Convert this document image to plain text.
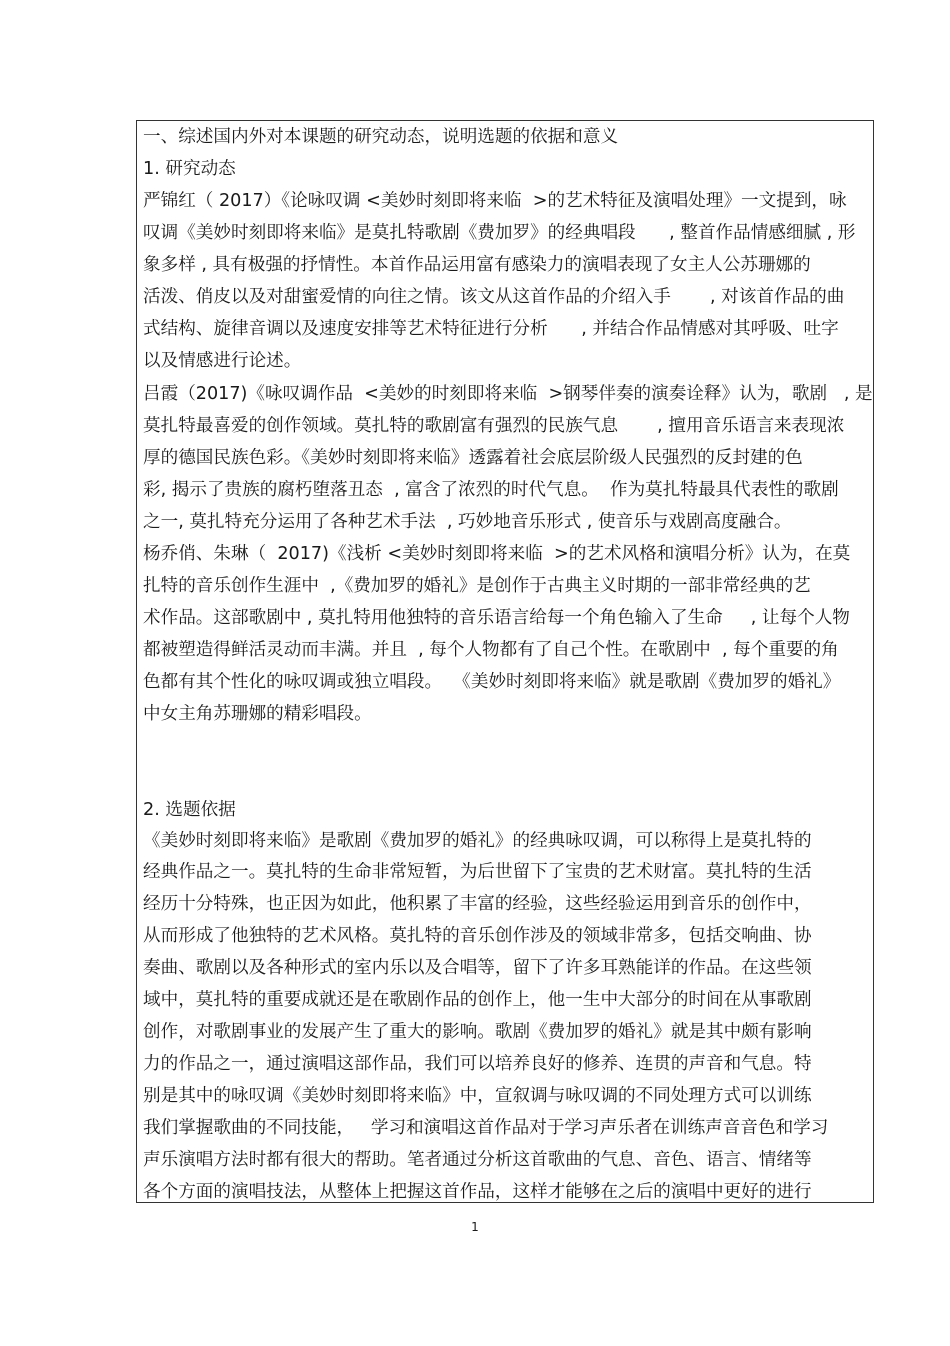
一、综述国内外对本课题的研究动态，说明选题的依据和意义
1. 研究动态
严锦红（ 2017）《论咏叹调 <美妙时刻即将来临  >的艺术特征及演唱处理》一文提到，咏
叹调《美妙时刻即将来临》是莫扎特歌剧《费加罗》的经典唱段      , 整首作品情感细腻 , 形
象多样 , 具有极强的抒情性。本首作品运用富有感染力的演唱表现了女主人公苏珊娜的
活泼、俏皮以及对甜蜜爱情的向往之情。该文从这首作品的介绍入手       , 对该首作品的曲
式结构、旋律音调以及速度安排等艺术特征进行分析      , 并结合作品情感对其呼吸、吐字
以及情感进行论述。
吕霞（2017)《咏叹调作品  <美妙的时刻即将来临  >钢琴伴奏的演奏诠释》认为，歌剧   , 是
莫扎特最喜爱的创作领域。莫扎特的歌剧富有强烈的民族气息       , 擅用音乐语言来表现浓
厚的德国民族色彩。《美妙时刻即将来临》透露着社会底层阶级人民强烈的反封建的色
彩, 揭示了贵族的腐朽堕落丑态  , 富含了浓烈的时代气息。  作为莫扎特最具代表性的歌剧
之一, 莫扎特充分运用了各种艺术手法  , 巧妙地音乐形式 , 使音乐与戏剧高度融合。
杨乔俏、朱琳（  2017)《浅析 <美妙时刻即将来临  >的艺术风格和演唱分析》认为，在莫
扎特的音乐创作生涯中  ,《费加罗的婚礼》是创作于古典主义时期的一部非常经典的艺
术作品。这部歌剧中 , 莫扎特用他独特的音乐语言给每一个角色输入了生命     , 让每个人物
都被塑造得鲜活灵动而丰满。并且  , 每个人物都有了自己个性。在歌剧中  , 每个重要的角
色都有其个性化的咏叹调或独立唱段。  《美妙时刻即将来临》就是歌剧《费加罗的婚礼》
中女主角苏珊娜的精彩唱段。
2. 选题依据
《美妙时刻即将来临》是歌剧《费加罗的婚礼》的经典咏叹调，可以称得上是莫扎特的
经典作品之一。莫扎特的生命非常短暂，为后世留下了宝贵的艺术财富。莫扎特的生活
经历十分特殊，也正因为如此，他积累了丰富的经验，这些经验运用到音乐的创作中，
从而形成了他独特的艺术风格。莫扎特的音乐创作涉及的领域非常多，包括交响曲、协
奏曲、歌剧以及各种形式的室内乐以及合唱等，留下了许多耳熟能详的作品。在这些领
域中，莫扎特的重要成就还是在歌剧作品的创作上，他一生中大部分的时间在从事歌剧
创作，对歌剧事业的发展产生了重大的影响。歌剧《费加罗的婚礼》就是其中颇有影响
力的作品之一，通过演唱这部作品，我们可以培养良好的修养、连贯的声音和气息。特
别是其中的咏叹调《美妙时刻即将来临》中，宣叙调与咏叹调的不同处理方式可以训练
我们掌握歌曲的不同技能，   学习和演唱这首作品对于学习声乐者在训练声音音色和学习
声乐演唱方法时都有很大的帮助。笔者通过分析这首歌曲的气息、音色、语言、情绪等
各个方面的演唱技法，从整体上把握这首作品，这样才能够在之后的演唱中更好的进行
1
